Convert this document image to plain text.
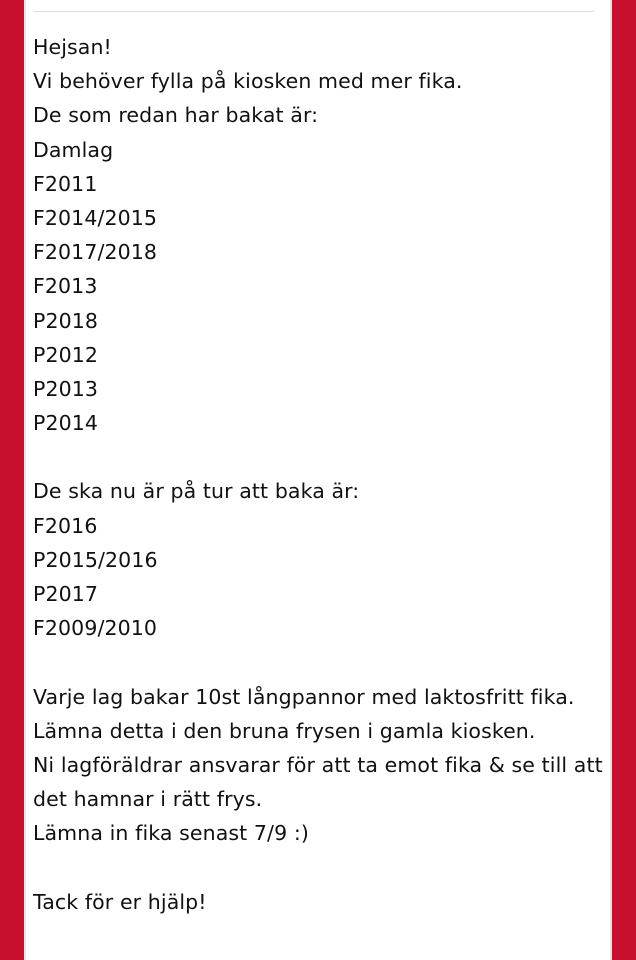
Hejsan!
Vi behöver fylla på kiosken med mer fika.
De som redan har bakat är:
Damlag
F2011
F2014/2015
F2017/2018
F2013
P2018
P2012
P2013
P2014
De ska nu är på tur att baka är:
F2016
P2015/2016
P2017
F2009/2010
Varje lag bakar 10st långpannor med laktosfritt fika.
Lämna detta i den bruna frysen i gamla kiosken.
Ni lagföräldrar ansvarar för att ta emot fika & se till att
det hamnar i rätt frys.
Lämna in fika senast 7/9 :)
Tack för er hjälp!
